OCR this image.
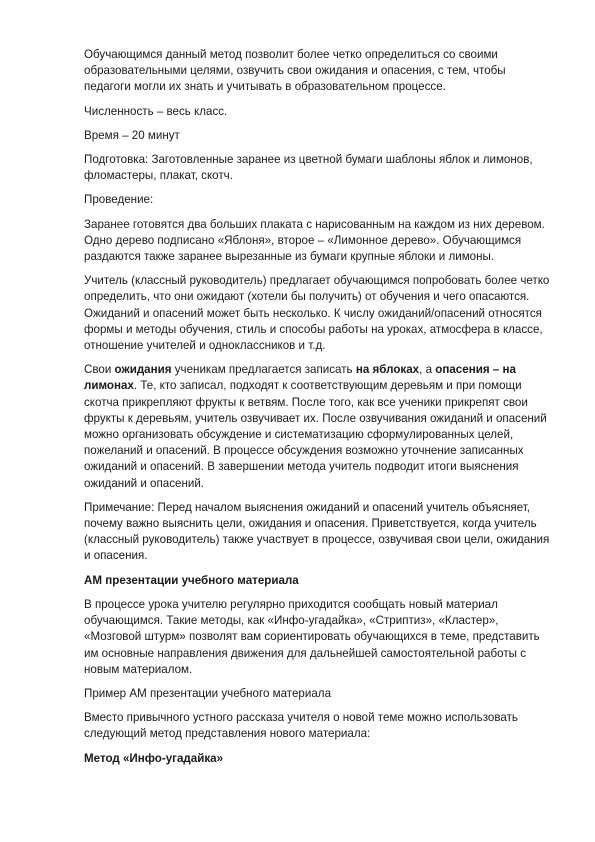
Обучающимся данный метод позволит более четко определиться со своими образовательными целями, озвучить свои ожидания и опасения, с тем, чтобы педагоги могли их знать и учитывать в образовательном процессе.

Численность – весь класс.

Время – 20 минут

Подготовка: Заготовленные заранее из цветной бумаги шаблоны яблок и лимонов, фломастеры, плакат, скотч.

Проведение:

Заранее готовятся два больших плаката с нарисованным на каждом из них деревом. Одно дерево подписано «Яблоня», второе – «Лимонное дерево». Обучающимся раздаются также заранее вырезанные из бумаги крупные яблоки и лимоны.

Учитель (классный руководитель) предлагает обучающимся попробовать более четко определить, что они ожидают (хотели бы получить) от обучения и чего опасаются. Ожиданий и опасений может быть несколько. К числу ожиданий/опасений относятся формы и методы обучения, стиль и способы работы на уроках, атмосфера в классе, отношение учителей и одноклассников и т.д.

Свои ожидания ученикам предлагается записать на яблоках, а опасения – на лимонах. Те, кто записал, подходят к соответствующим деревьям и при помощи скотча прикрепляют фрукты к ветвям. После того, как все ученики прикрепят свои фрукты к деревьям, учитель озвучивает их. После озвучивания ожиданий и опасений можно организовать обсуждение и систематизацию сформулированных целей, пожеланий и опасений. В процессе обсуждения возможно уточнение записанных ожиданий и опасений. В завершении метода учитель подводит итоги выяснения ожиданий и опасений.

Примечание: Перед началом выяснения ожиданий и опасений учитель объясняет, почему важно выяснить цели, ожидания и опасения. Приветствуется, когда учитель (классный руководитель) также участвует в процессе, озвучивая свои цели, ожидания и опасения.

АМ презентации учебного материала

В процессе урока учителю регулярно приходится сообщать новый материал обучающимся. Такие методы, как «Инфо-угадайка», «Стриптиз», «Кластер», «Мозговой штурм» позволят вам сориентировать обучающихся в теме, представить им основные направления движения для дальнейшей самостоятельной работы с новым материалом.

Пример АМ презентации учебного материала

Вместо привычного устного рассказа учителя о новой теме можно использовать следующий метод представления нового материала:

Метод «Инфо-угадайка»
